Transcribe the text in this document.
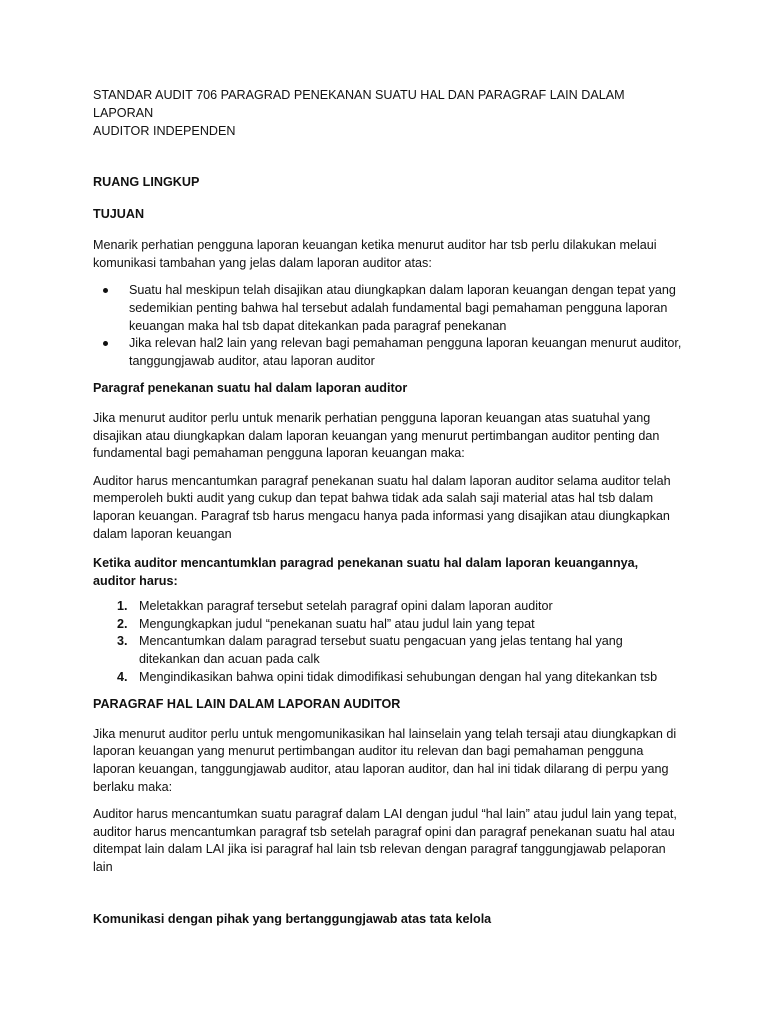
STANDAR AUDIT 706 PARAGRAD PENEKANAN SUATU HAL DAN PARAGRAF LAIN DALAM LAPORAN

AUDITOR INDEPENDEN

RUANG LINGKUP

TUJUAN

Menarik perhatian pengguna laporan keuangan ketika menurut auditor har tsb perlu dilakukan melaui komunikasi tambahan yang jelas dalam laporan auditor atas:

Suatu hal meskipun telah disajikan atau diungkapkan dalam laporan keuangan dengan tepat yang sedemikian penting bahwa hal tersebut adalah fundamental bagi pemahaman pengguna laporan keuangan maka hal tsb dapat ditekankan pada paragraf penekanan
Jika relevan hal2 lain yang relevan bagi pemahaman pengguna laporan keuangan menurut auditor, tanggungjawab auditor, atau laporan auditor

Paragraf penekanan suatu hal dalam laporan auditor

Jika menurut auditor perlu untuk menarik perhatian pengguna laporan keuangan atas suatuhal yang disajikan atau diungkapkan dalam laporan keuangan yang menurut pertimbangan auditor penting dan fundamental bagi pemahaman pengguna laporan keuangan maka:

Auditor harus mencantumkan paragraf penekanan suatu hal dalam laporan auditor selama auditor telah memperoleh bukti audit yang cukup dan tepat bahwa tidak ada salah saji material atas hal tsb dalam laporan keuangan. Paragraf tsb harus mengacu hanya pada informasi yang disajikan atau diungkapkan dalam laporan keuangan

Ketika auditor mencantumklan paragrad penekanan suatu hal dalam laporan keuangannya, auditor harus:

1. Meletakkan paragraf tersebut setelah paragraf opini dalam laporan auditor
2. Mengungkapkan judul “penekanan suatu hal” atau judul lain yang tepat
3. Mencantumkan dalam paragrad tersebut suatu pengacuan yang jelas tentang hal yang ditekankan dan acuan pada calk
4. Mengindikasikan bahwa opini tidak dimodifikasi sehubungan dengan hal yang ditekankan tsb

PARAGRAF HAL LAIN DALAM LAPORAN AUDITOR

Jika menurut auditor perlu untuk mengomunikasikan hal lainselain yang telah tersaji atau diungkapkan di laporan keuangan yang menurut pertimbangan auditor itu relevan dan bagi pemahaman pengguna laporan keuangan, tanggungjawab auditor, atau laporan auditor, dan hal ini tidak dilarang di perpu yang berlaku maka:

Auditor harus mencantumkan suatu paragraf dalam LAI dengan judul “hal lain” atau judul lain yang tepat, auditor harus mencantumkan paragraf tsb setelah paragraf opini dan paragraf penekanan suatu hal atau ditempat lain dalam LAI jika isi paragraf hal lain tsb relevan dengan paragraf tanggungjawab pelaporan lain

Komunikasi dengan pihak yang bertanggungjawab atas tata kelola
